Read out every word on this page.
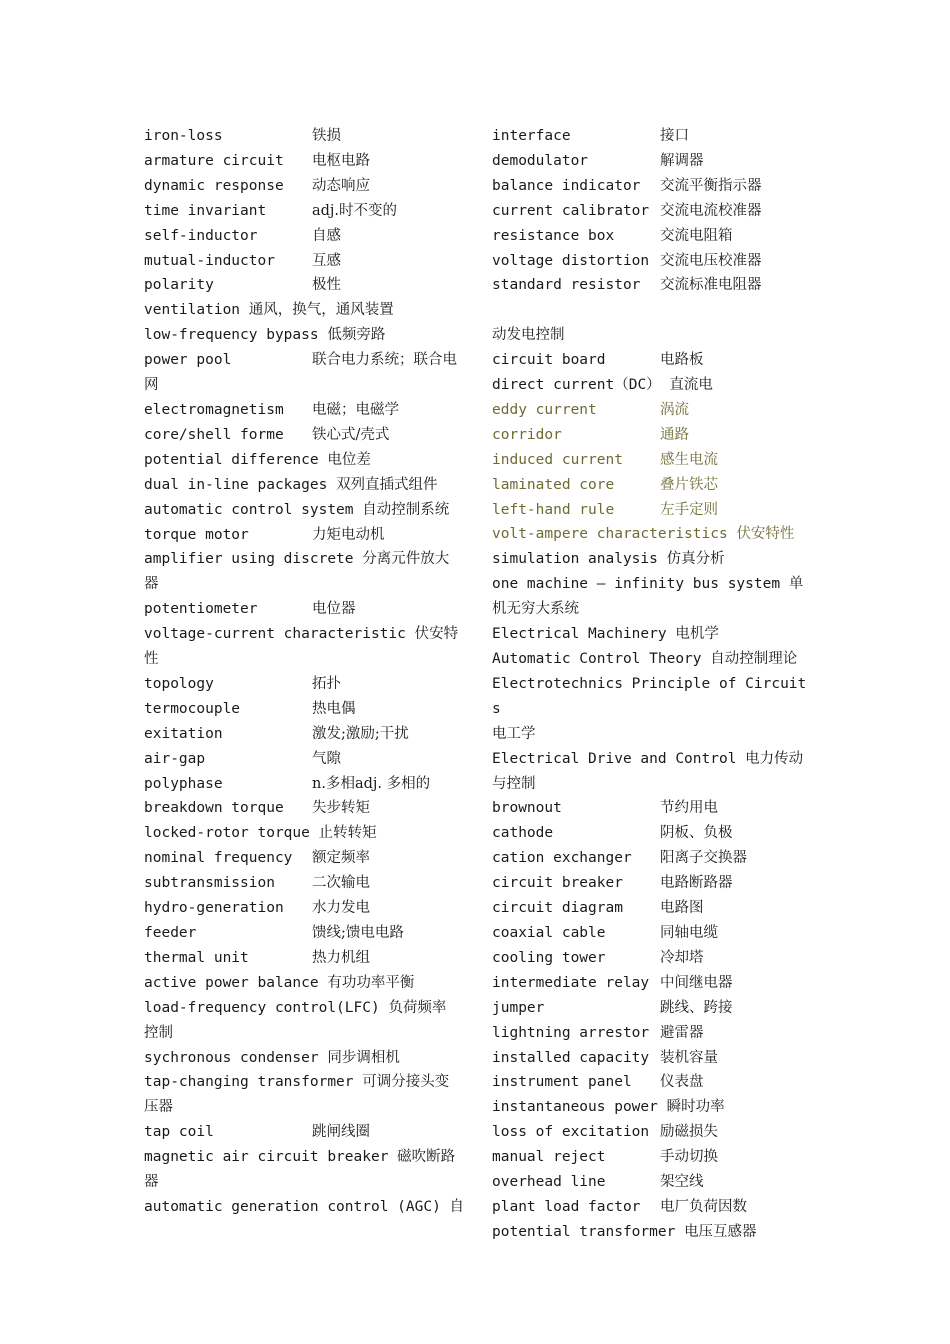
iron-loss	铁损
armature circuit 电枢电路
dynamic response 动态响应
time invariant	adj.时不变的
self-inductor	自感
mutual-inductor	互感
polarity	极性
ventilation 通风，换气，通风装置
low-frequency bypass 低频旁路
power pool	联合电力系统；联合电网
electromagnetism 电磁；电磁学
core/shell forme 铁心式/壳式
potential difference 电位差
dual in-line packages 双列直插式组件
automatic control system 自动控制系统
torque motor	力矩电动机
amplifier using discrete 分离元件放大器
potentiometer	电位器
voltage-current characteristic 伏安特性
topology	拓扑
termocouple	热电偶
exitation	激发;激励;干扰
air-gap	气隙
polyphase	n.多相adj. 多相的
breakdown torque 失步转矩
locked-rotor torque 止转转矩
nominal frequency 额定频率
subtransmission	二次输电
hydro-generation 水力发电
feeder	馈线;馈电电路
thermal unit	热力机组
active power balance 有功功率平衡
load-frequency control(LFC) 负荷频率控制
sychronous condenser 同步调相机
tap-changing transformer 可调分接头变压器
tap coil	跳闸线圈
magnetic air circuit breaker 磁吹断路器
automatic generation control (AGC) 自
interface	接口
demodulator	解调器
balance indicator 交流平衡指示器
current calibrator 交流电流校准器
resistance box	交流电阻箱
voltage distortion 交流电压校准器
standard resistor 交流标准电阻器
动发电控制
circuit board	电路板
direct current（DC） 直流电
eddy current	涡流
corridor	通路
induced current	感生电流
laminated core	叠片铁芯
left-hand rule	左手定则
volt-ampere characteristics 伏安特性
simulation analysis 仿真分析
one machine – infinity bus system 单机无穷大系统
Electrical Machinery 电机学
Automatic Control Theory 自动控制理论
Electrotechnics Principle of Circuits 电工学
Electrical Drive and Control 电力传动与控制
brownout	节约用电
cathode	阴板、负极
cation exchanger 阳离子交换器
circuit breaker	电路断路器
circuit diagram	电路图
coaxial cable	同轴电缆
cooling tower	冷却塔
intermediate relay 中间继电器
jumper	跳线、跨接
lightning arrestor 避雷器
installed capacity 装机容量
instrument panel 仪表盘
instantaneous power 瞬时功率
loss of excitation 励磁损失
manual reject	手动切换
overhead line	架空线
plant load factor 电厂负荷因数
potential transformer 电压互感器
